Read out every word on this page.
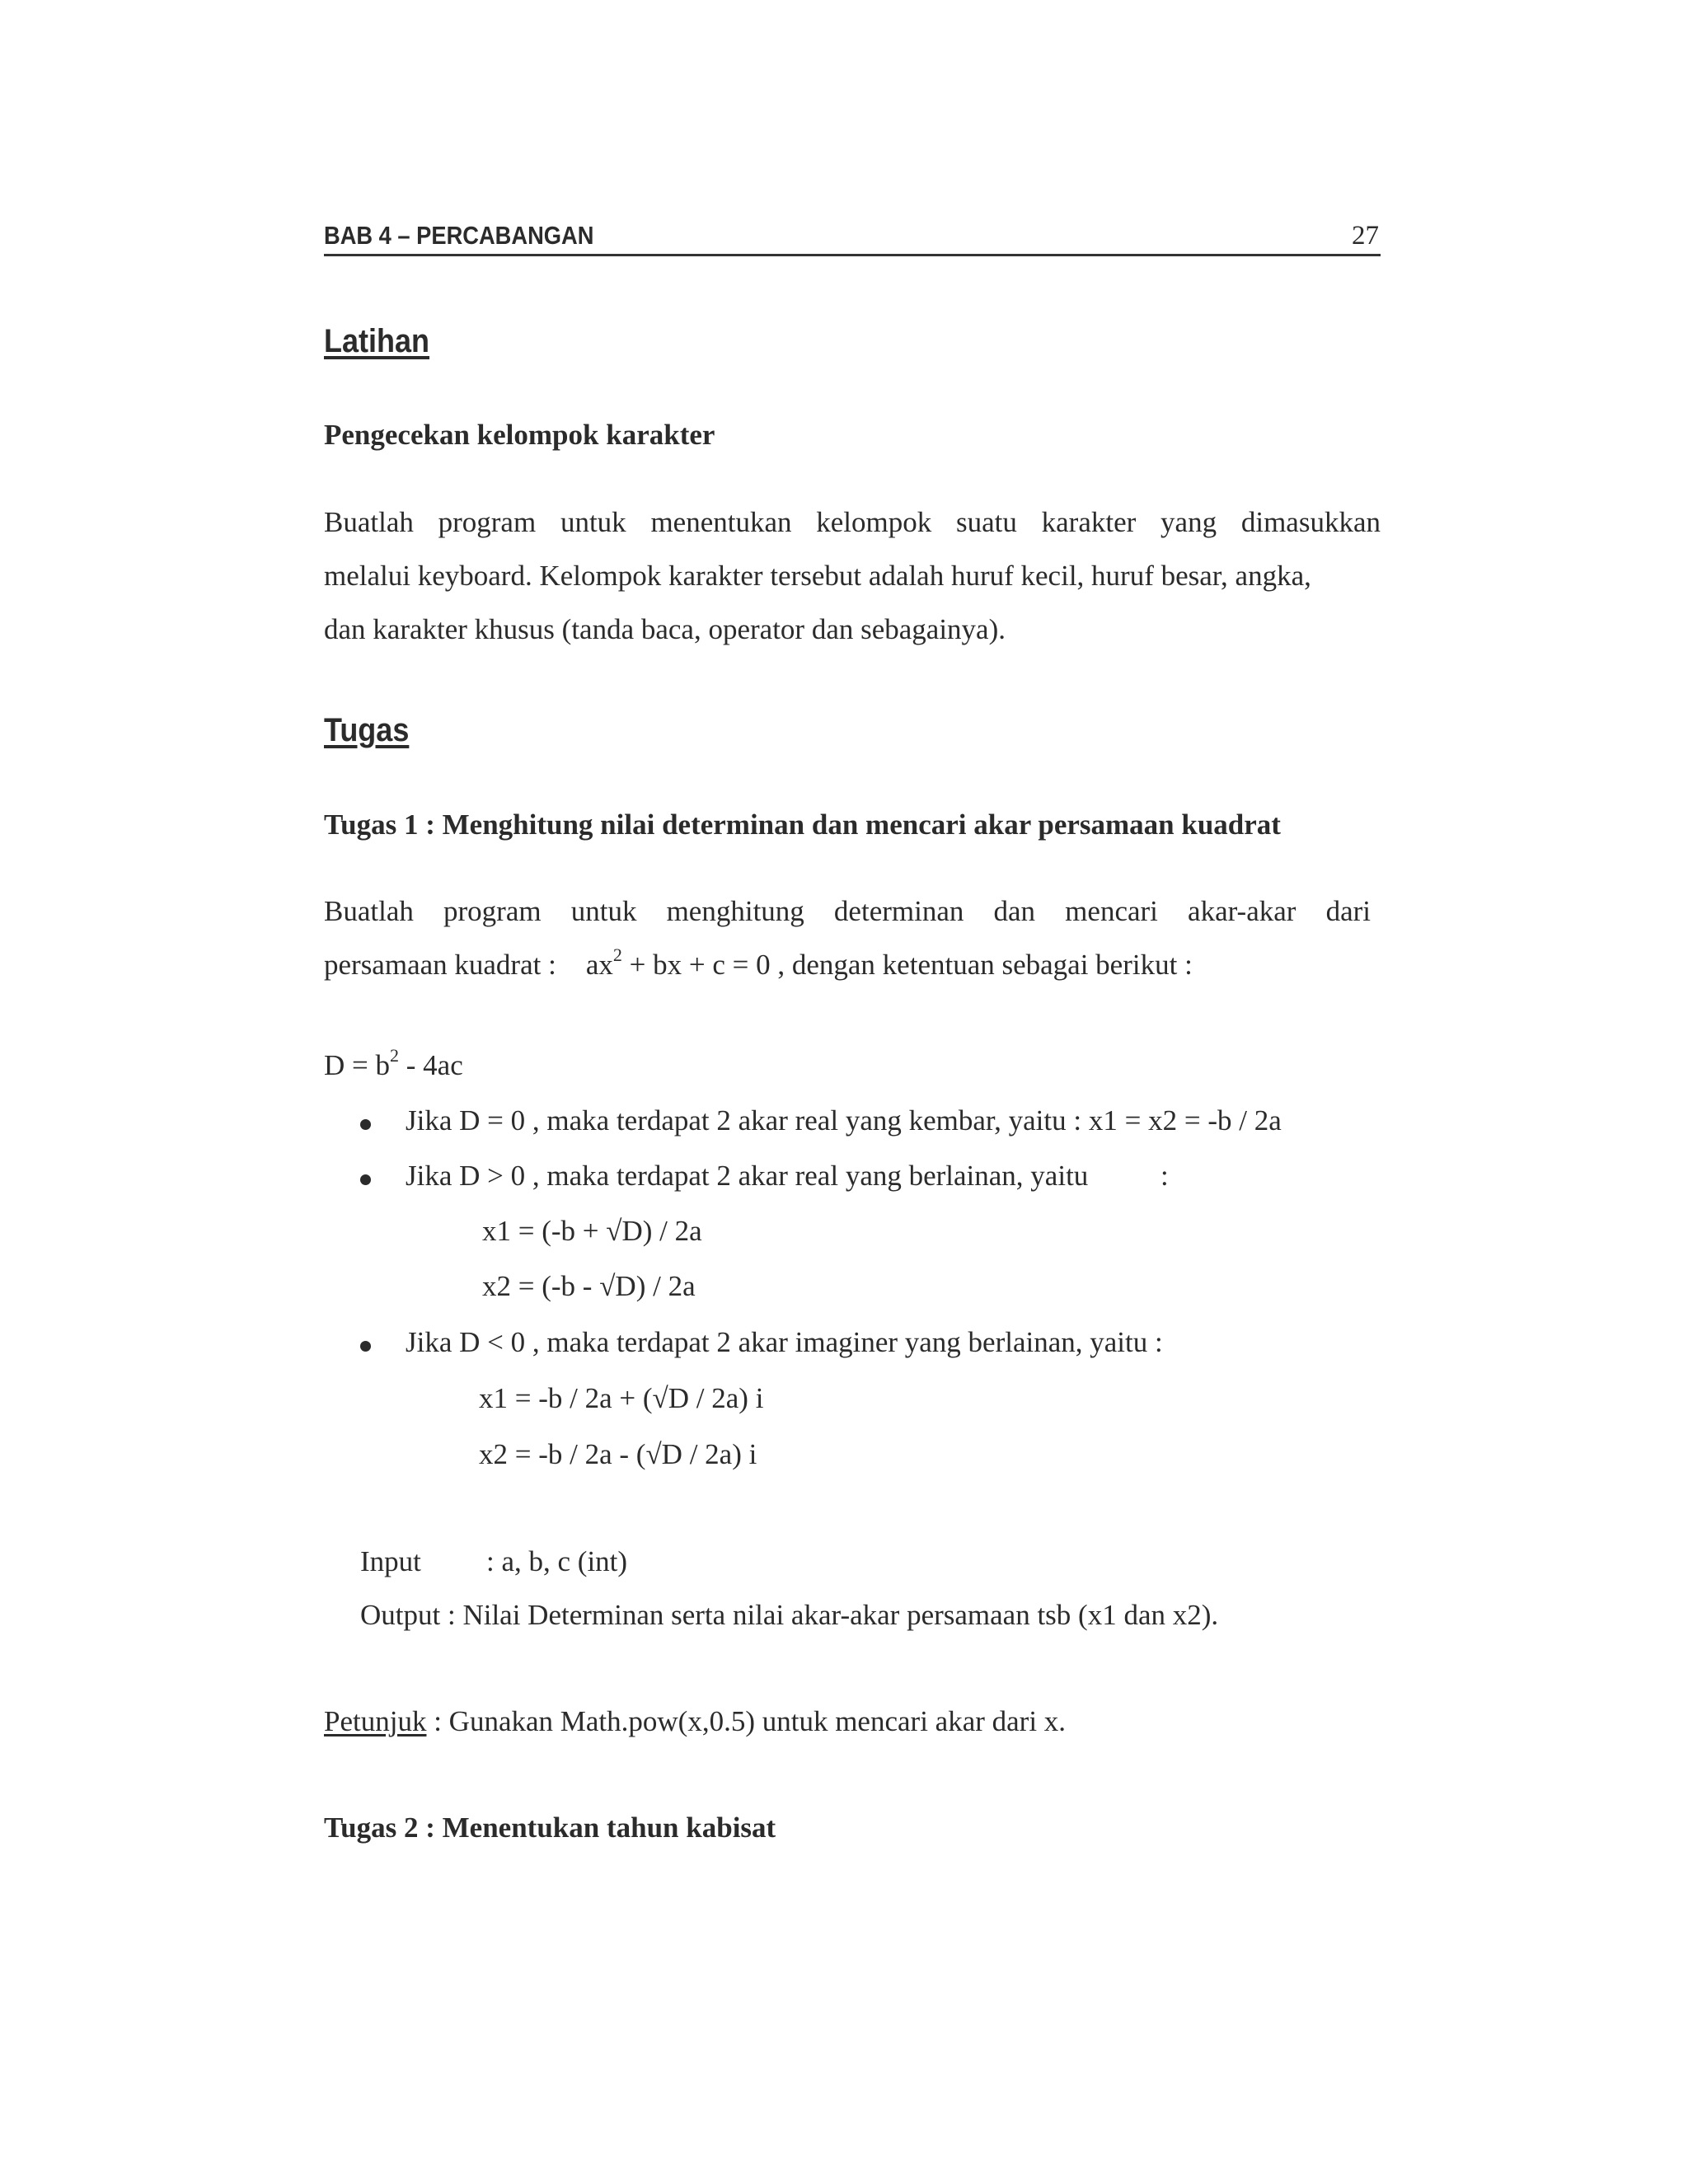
BAB 4 – PERCABANGAN	27
Latihan
Pengecekan kelompok karakter
Buatlah program untuk menentukan kelompok suatu karakter yang dimasukkan
melalui keyboard. Kelompok karakter tersebut adalah huruf kecil, huruf besar, angka,
dan karakter khusus (tanda baca, operator dan sebagainya).
Tugas
Tugas 1 : Menghitung nilai determinan dan mencari akar persamaan kuadrat
Buatlah program untuk menghitung determinan dan mencari akar-akar dari
persamaan kuadrat : $ax^2$ + bx + c = 0 , dengan ketentuan sebagai berikut :
$D = b^2 - 4ac$
Jika D = 0 , maka terdapat 2 akar real yang kembar, yaitu : x1 = x2 = -b / 2a
Jika D > 0 , maka terdapat 2 akar real yang berlainan, yaitu	:
x1 = (-b + √D) / 2a
x2 = (-b - √D) / 2a
Jika D < 0 , maka terdapat 2 akar imaginer yang berlainan, yaitu :
x1 = -b / 2a + (√D / 2a) i
x2 = -b / 2a - (√D / 2a) i
Input : a, b, c (int)
Output : Nilai Determinan serta nilai akar-akar persamaan tsb (x1 dan x2).
Petunjuk : Gunakan Math.pow(x,0.5) untuk mencari akar dari x.
Tugas 2 : Menentukan tahun kabisat
